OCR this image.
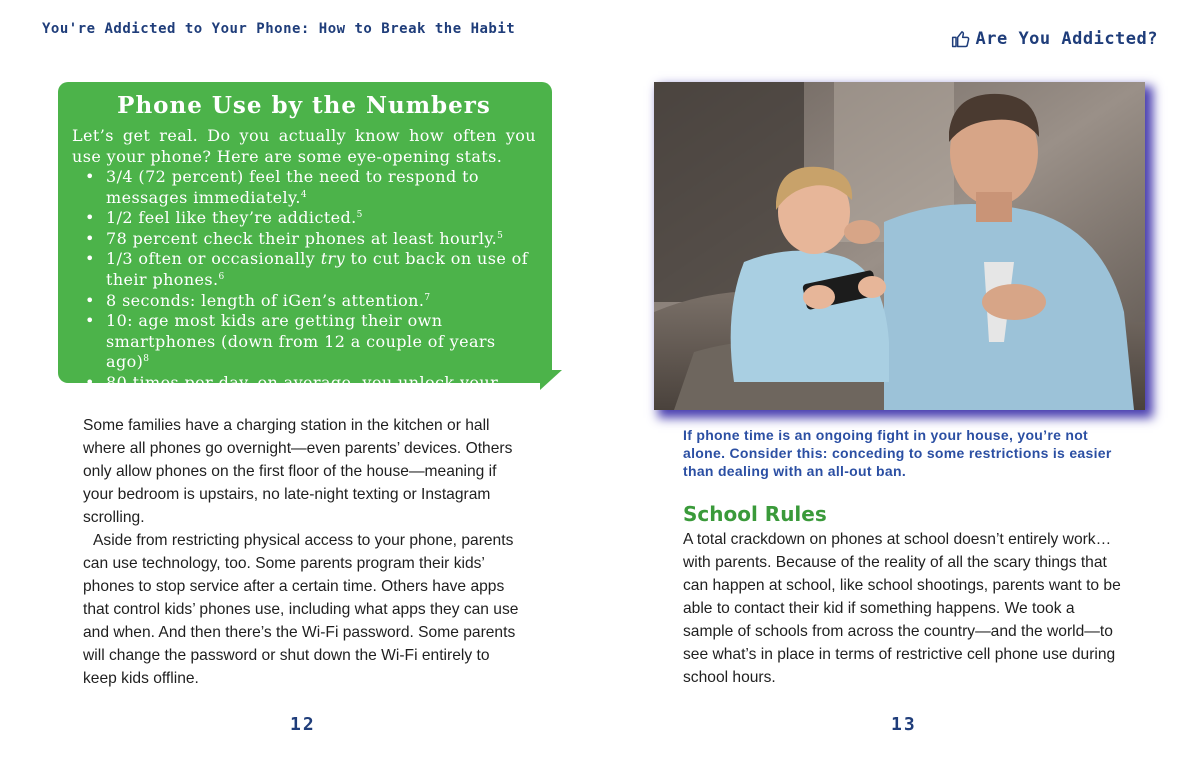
You're Addicted to Your Phone: How to Break the Habit
Phone Use by the Numbers

Let’s get real. Do you actually know how often you use your phone? Here are some eye-opening stats.

• 3/4 (72 percent) feel the need to respond to messages immediately.$^4$
• 1/2 feel like they’re addicted.$^5$
• 78 percent check their phones at least hourly.$^5$
• 1/3 often or occasionally try to cut back on use of their phones.$^6$
• 8 seconds: length of iGen’s attention.$^7$
• 10: age most kids are getting their own smartphones (down from 12 a couple of years ago)$^8$
• 80 times per day, on average, you unlock your phone.$^9$

Some families have a charging station in the kitchen or hall where all phones go overnight—even parents’ devices. Others only allow phones on the first floor of the house—meaning if your bedroom is upstairs, no late-night texting or Instagram scrolling.

Aside from restricting physical access to your phone, parents can use technology, too. Some parents program their kids’ phones to stop service after a certain time. Others have apps that control kids’ phones use, including what apps they can use and when. And then there’s the Wi-Fi password. Some parents will change the password or shut down the Wi-Fi entirely to keep kids offline.

12
Are You Addicted?

If phone time is an ongoing fight in your house, you’re not alone. Consider this: conceding to some restrictions is easier than dealing with an all-out ban.

School Rules

A total crackdown on phones at school doesn’t entirely work… with parents. Because of the reality of all the scary things that can happen at school, like school shootings, parents want to be able to contact their kid if something happens. We took a sample of schools from across the country—and the world—to see what’s in place in terms of restrictive cell phone use during school hours.

13
